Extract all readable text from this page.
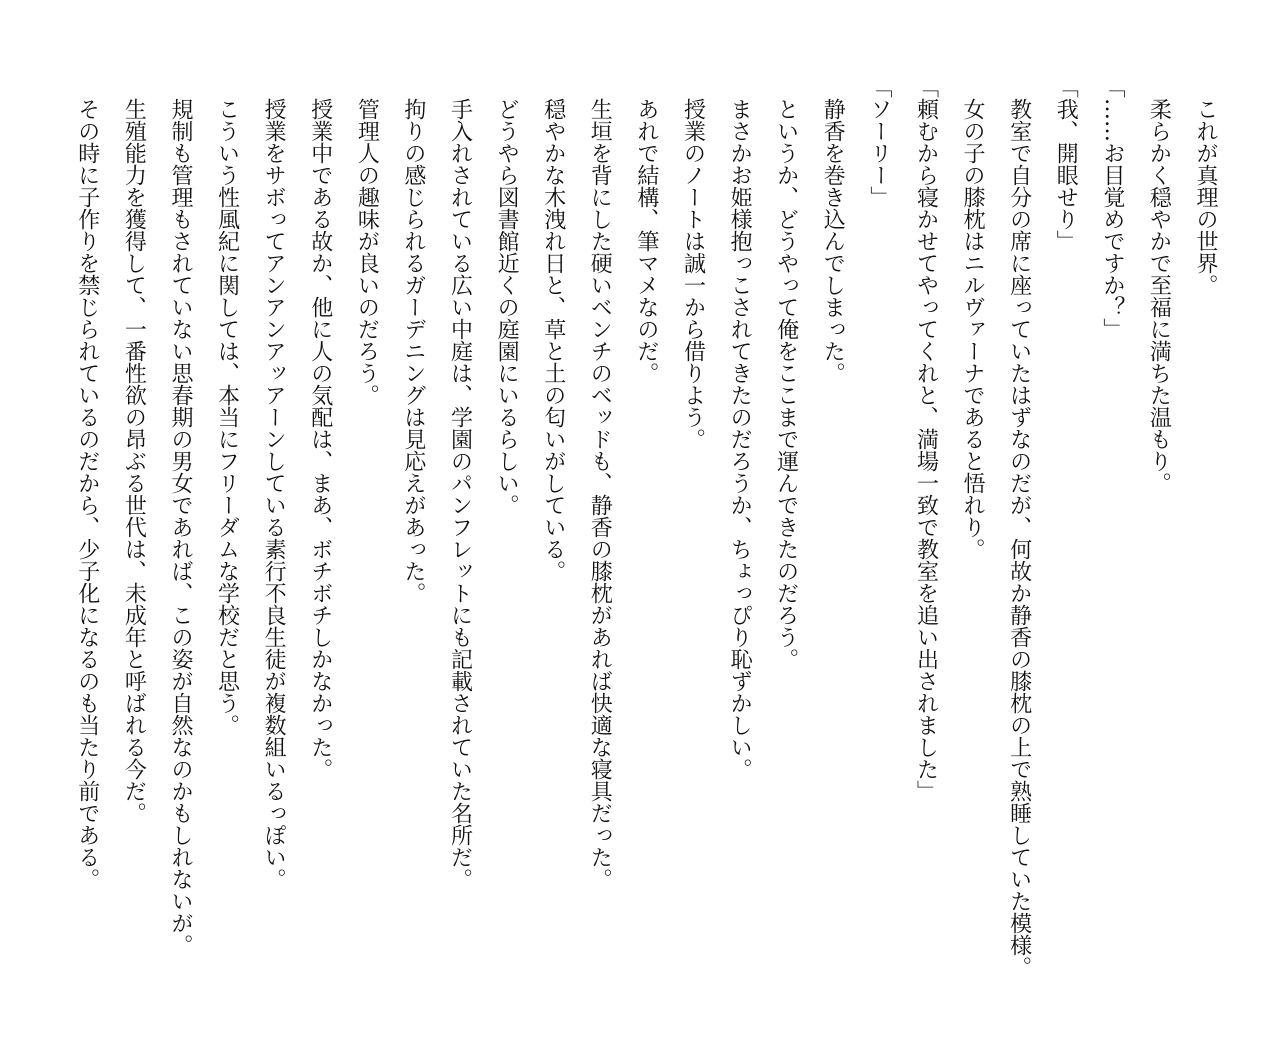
これが真理の世界。
柔らかく穏やかで至福に満ちた温もり。
「……お目覚めですか？」
「我、開眼せり」
教室で自分の席に座っていたはずなのだが、何故か静香の膝枕の上で熟睡していた模様。
女の子の膝枕はニルヴァーナであると悟れり。
「頼むから寝かせてやってくれと、満場一致で教室を追い出されました」
「ソーリー」
静香を巻き込んでしまった。
というか、どうやって俺をここまで運んできたのだろう。
まさかお姫様抱っこされてきたのだろうか、ちょっぴり恥ずかしい。
授業のノートは誠一から借りよう。
あれで結構、筆マメなのだ。
生垣を背にした硬いベンチのベッドも、静香の膝枕があれば快適な寝具だった。
穏やかな木洩れ日と、草と土の匂いがしている。
どうやら図書館近くの庭園にいるらしい。
手入れされている広い中庭は、学園のパンフレットにも記載されていた名所だ。
拘りの感じられるガーデニングは見応えがあった。
管理人の趣味が良いのだろう。
授業中である故か、他に人の気配は、まあ、ボチボチしかなかった。
授業をサボってアンアンアッアーンしている素行不良生徒が複数組いるっぽい。
こういう性風紀に関しては、本当にフリーダムな学校だと思う。
規制も管理もされていない思春期の男女であれば、この姿が自然なのかもしれないが。
生殖能力を獲得して、一番性欲の昂ぶる世代は、未成年と呼ばれる今だ。
その時に子作りを禁じられているのだから、少子化になるのも当たり前である。
